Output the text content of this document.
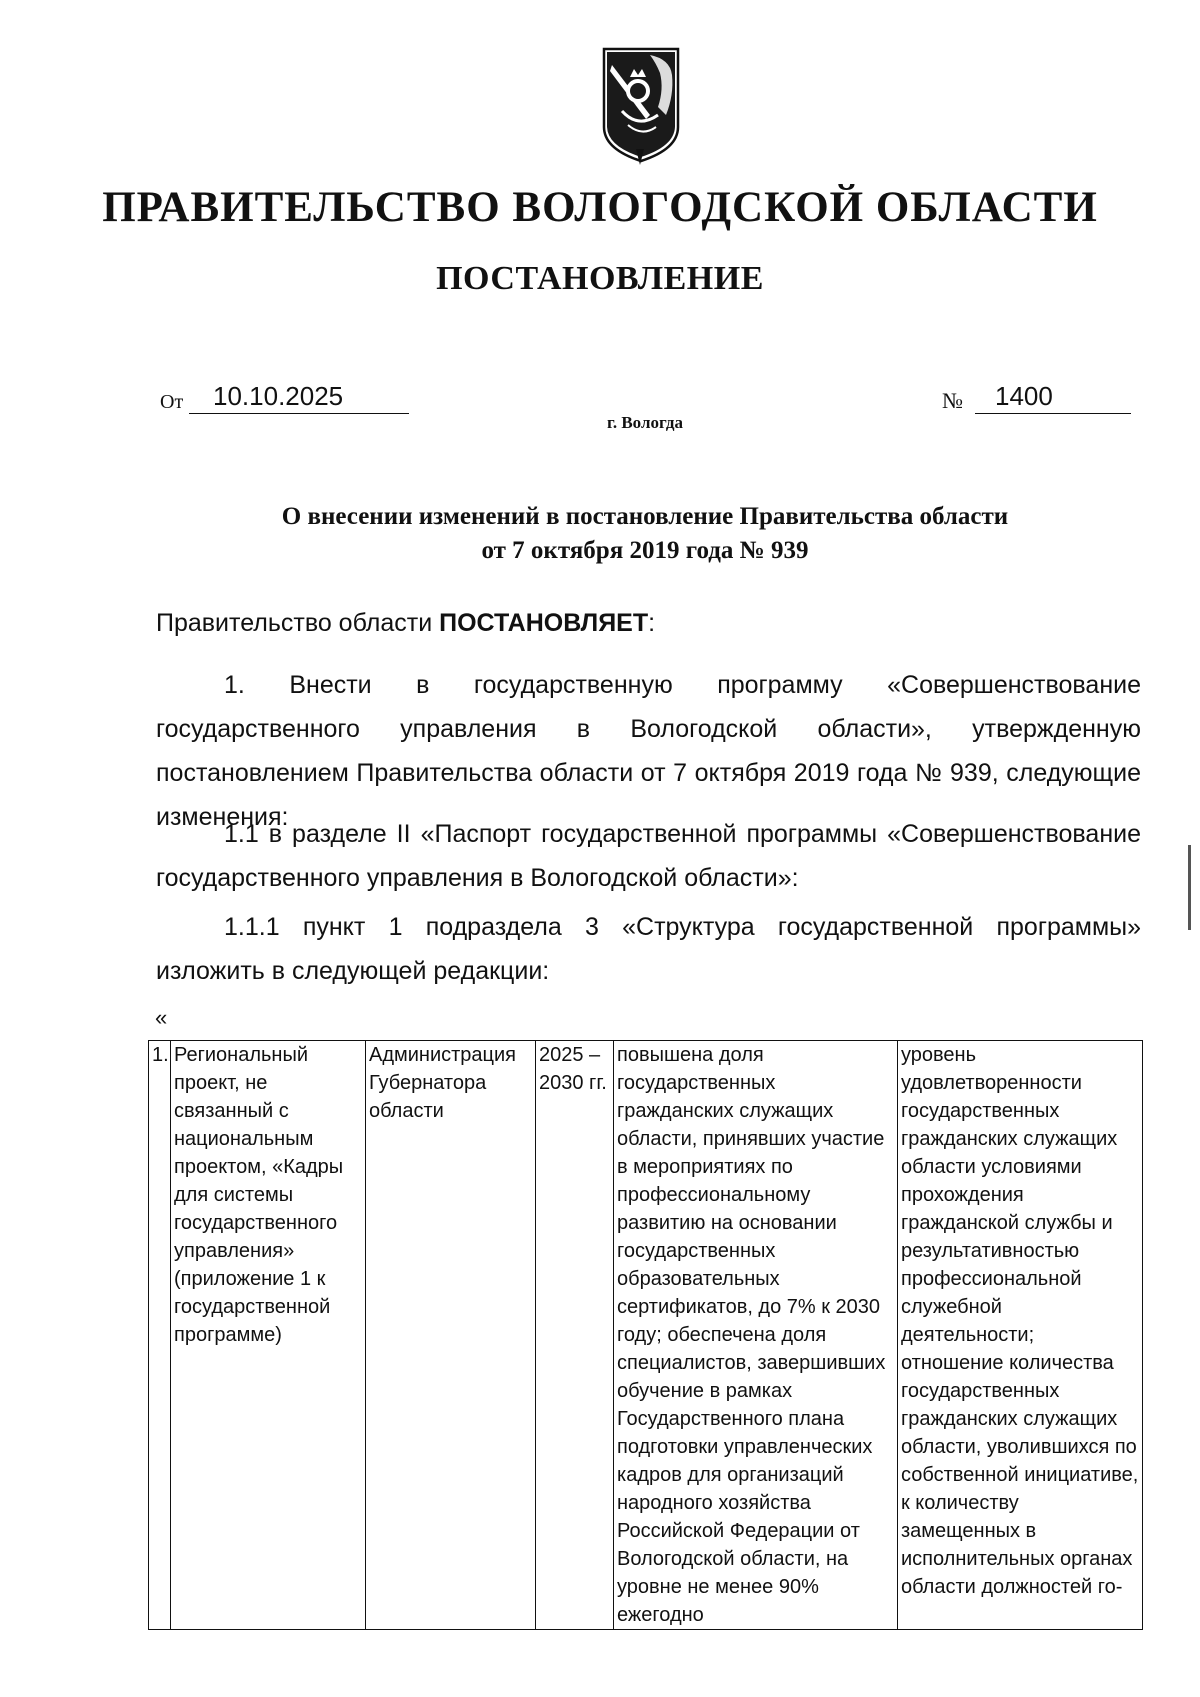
ПРАВИТЕЛЬСТВО ВОЛОГОДСКОЙ ОБЛАСТИ
ПОСТАНОВЛЕНИЕ
От	10.10.2025	№	1400
г. Вологда
О внесении изменений в постановление Правительства области
от 7 октября 2019 года № 939
Правительство области ПОСТАНОВЛЯЕТ:
1. Внести в государственную программу «Совершенствование государственного управления в Вологодской области», утвержденную постановлением Правительства области от 7 октября 2019 года № 939, следующие изменения:
1.1 в разделе II «Паспорт государственной программы «Совершенствование государственного управления в Вологодской области»:
1.1.1 пункт 1 подраздела 3 «Структура государственной программы» изложить в следующей редакции:
«
1.	Региональный проект, не связанный с национальным проектом, «Кадры для системы государственного управления» (приложение 1 к государственной программе)	Администрация Губернатора области	2025 – 2030 гг.	повышена доля государственных гражданских служащих области, принявших участие в мероприятиях по профессиональному развитию на основании государственных образовательных сертификатов, до 7% к 2030 году; обеспечена доля специалистов, завершивших обучение в рамках Государственного плана подготовки управленческих кадров для организаций народного хозяйства Российской Федерации от Вологодской области, на уровне не менее 90% ежегодно	уровень удовлетворенности государственных гражданских служащих области условиями прохождения гражданской службы и результативностью профессиональной служебной деятельности; отношение количества государственных гражданских служащих области, уволившихся по собственной инициативе, к количеству замещенных в исполнительных органах области должностей го-
